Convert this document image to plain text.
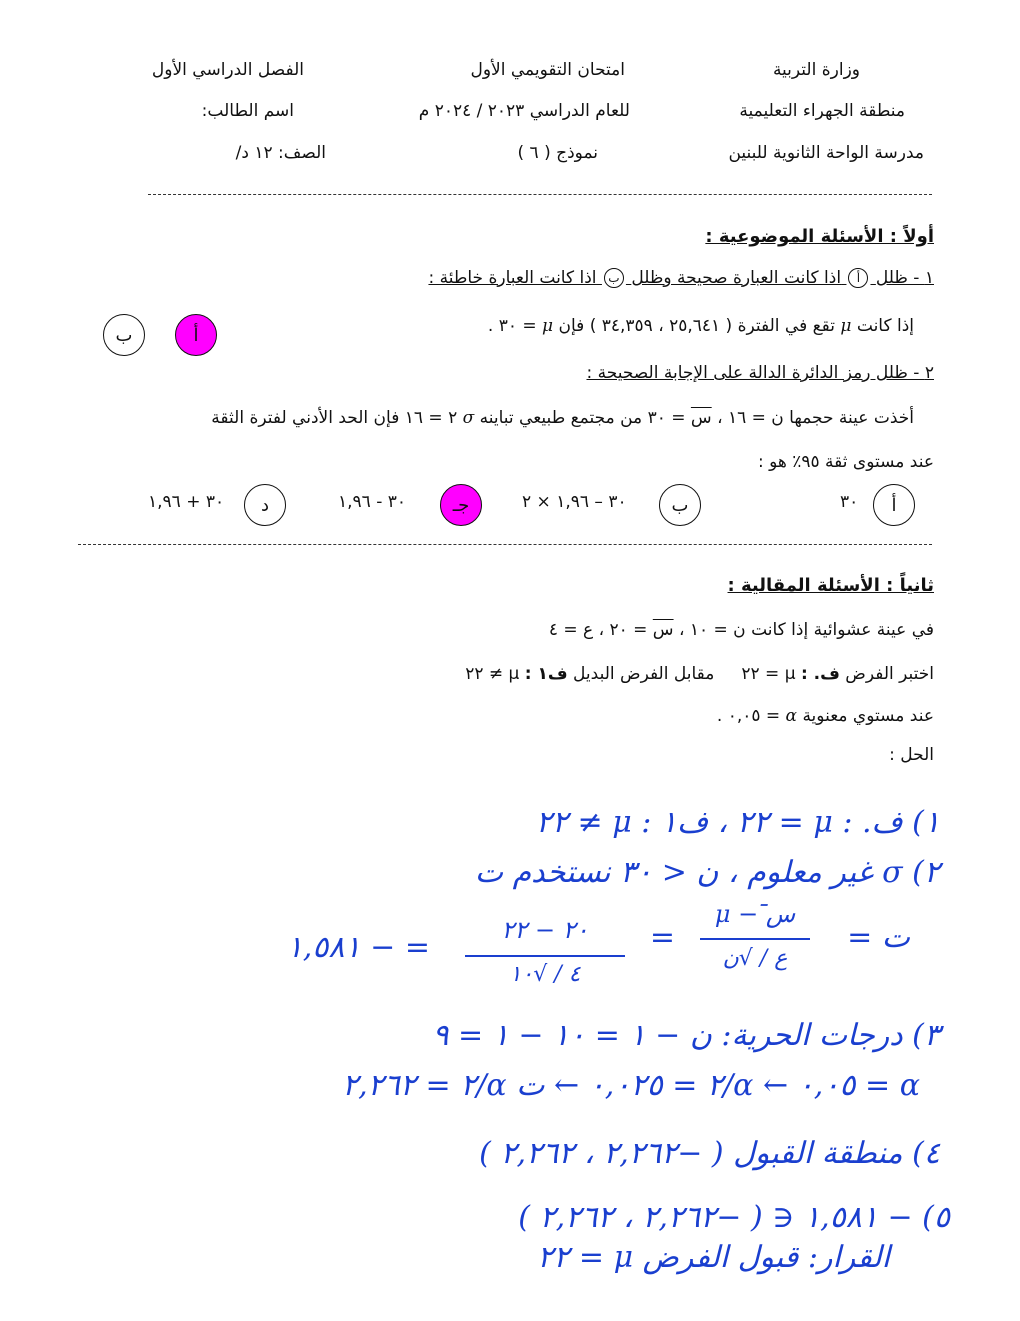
وزارة التربية
منطقة الجهراء التعليمية
مدرسة الواحة الثانوية للبنين
امتحان التقويمي الأول
للعام الدراسي ٢٠٢٣ / ٢٠٢٤ م
نموذج ( ٦ )
الفصل الدراسي الأول
اسم الطالب:
الصف: ١٢ د/
أولاً : الأسئلة الموضوعية :
١ - ظلل أ اذا كانت العبارة صحيحة وظلل ب اذا كانت العبارة خاطئة :
إذا كانت μ تقع في الفترة ( ٢٥,٦٤١ ، ٣٤,٣٥٩ ) فإن μ = ٣٠ .
أ
ب
٢ - ظلل رمز الدائرة الدالة على الإجابة الصحيحة :
أخذت عينة حجمها ن = ١٦ ، س = ٣٠ من مجتمع طبيعي تباينه σ ٢ = ١٦ فإن الحد الأدني لفترة الثقة
عند مستوى ثقة ٩٥٪ هو :
أ
٣٠
ب
٣٠ – ١,٩٦ × ٢
جـ
٣٠ - ١,٩٦
د
٣٠ + ١,٩٦
ثانياً : الأسئلة المقالية :
في عينة عشوائية إذا كانت ن = ١٠ ، س = ٢٠ ، ع = ٤
اختبر الفرض ف. : μ = ٢٢     مقابل الفرض البديل ف١ : μ ≠ ٢٢
عند مستوي معنوية α = ٠,٠٥ .
الحل :
١) ف. : μ = ٢٢ ، ف١ : μ ≠ ٢٢
٢) σ غير معلوم ، ن < ٣٠ نستخدم ت
ت =
س̄ − μ
ع / √ن
=
٢٠ − ٢٢
٤ / √١٠
= − ١,٥٨١
٣) درجات الحرية: ن − ١ = ١٠ − ١ = ٩
α = ٠,٠٥ ← α/٢ = ٠,٠٢٥ ← ت α/٢ = ٢,٢٦٢
٤) منطقة القبول ( −٢,٢٦٢ ، ٢,٢٦٢ )
٥) − ١,٥٨١ ∈ ( −٢,٢٦٢ ، ٢,٢٦٢ )
القرار: قبول الفرض μ = ٢٢
